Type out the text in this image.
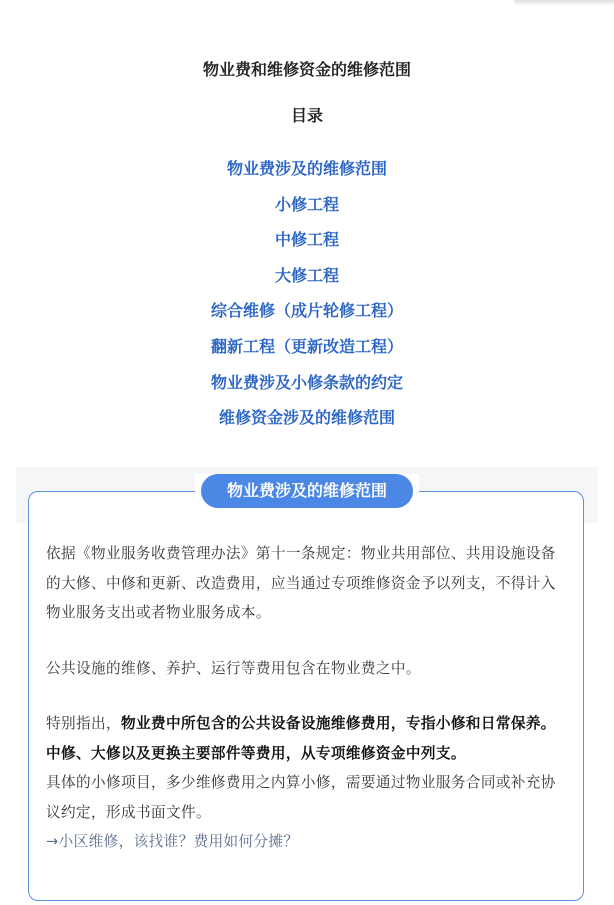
物业费和维修资金的维修范围
目录
物业费涉及的维修范围
小修工程
中修工程
大修工程
综合维修（成片轮修工程）
翻新工程（更新改造工程）
物业费涉及小修条款的约定
维修资金涉及的维修范围
物业费涉及的维修范围

依据《物业服务收费管理办法》第十一条规定：物业共用部位、共用设施设备的大修、中修和更新、改造费用，应当通过专项维修资金予以列支，不得计入物业服务支出或者物业服务成本。

公共设施的维修、养护、运行等费用包含在物业费之中。

特别指出，物业费中所包含的公共设备设施维修费用，专指小修和日常保养。

中修、大修以及更换主要部件等费用，从专项维修资金中列支。

具体的小修项目，多少维修费用之内算小修，需要通过物业服务合同或补充协议约定，形成书面文件。

→小区维修，该找谁？费用如何分摊？
